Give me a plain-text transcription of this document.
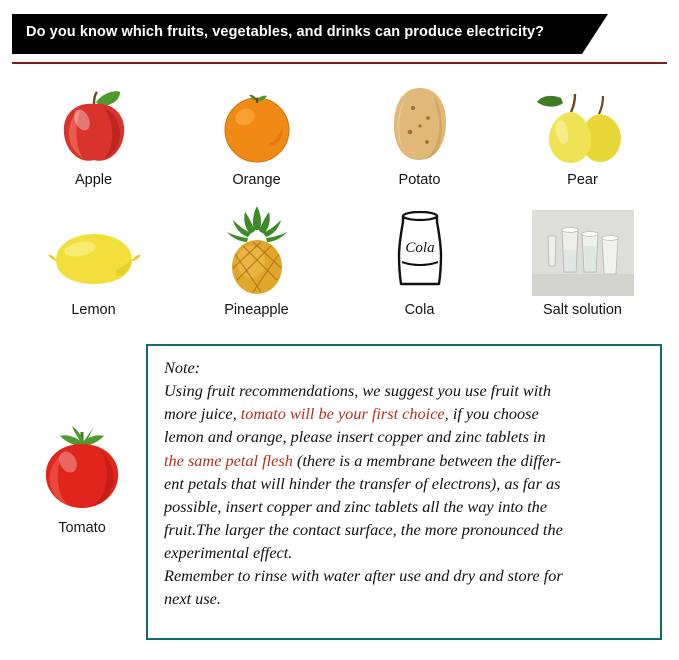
Do you know which fruits, vegetables, and drinks can produce electricity?
Apple	Orange	Potato	Pear
Lemon	Pineapple
Cola
Cola	Salt solution
Tomato
Note:
Using fruit recommendations, we suggest you use fruit with
more juice, tomato will be your first choice, if you choose
lemon and orange, please insert copper and zinc tablets in
the same petal flesh (there is a membrane between the differ-
ent petals that will hinder the transfer of electrons), as far as
possible, insert copper and zinc tablets all the way into the
fruit.The larger the contact surface, the more pronounced the
experimental effect.
Remember to rinse with water after use and dry and store for
next use.
